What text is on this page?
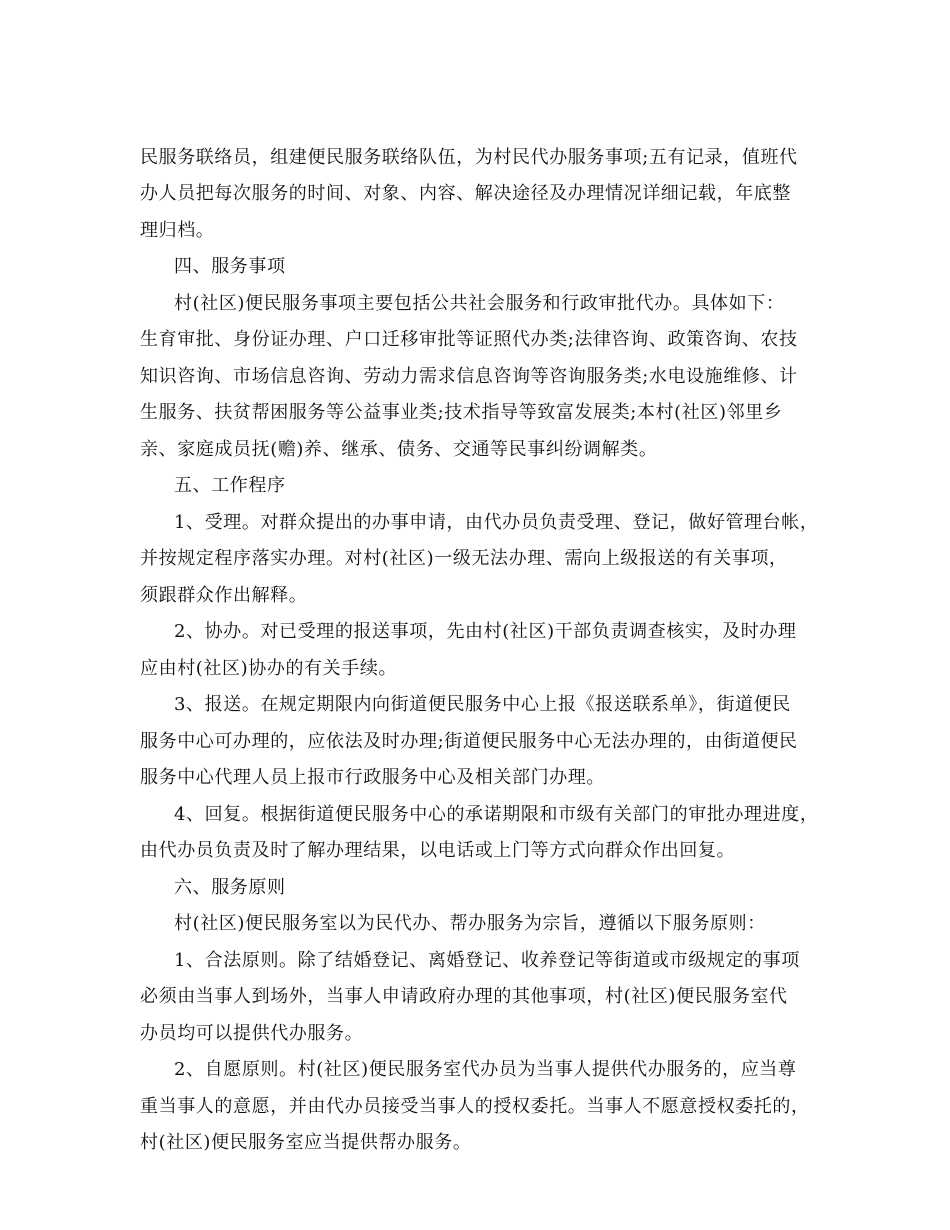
民服务联络员，组建便民服务联络队伍，为村民代办服务事项;五有记录，值班代
办人员把每次服务的时间、对象、内容、解决途径及办理情况详细记载，年底整
理归档。
四、服务事项
村(社区)便民服务事项主要包括公共社会服务和行政审批代办。具体如下：
生育审批、身份证办理、户口迁移审批等证照代办类;法律咨询、政策咨询、农技
知识咨询、市场信息咨询、劳动力需求信息咨询等咨询服务类;水电设施维修、计
生服务、扶贫帮困服务等公益事业类;技术指导等致富发展类;本村(社区)邻里乡
亲、家庭成员抚(赡)养、继承、债务、交通等民事纠纷调解类。
五、工作程序
1、受理。对群众提出的办事申请，由代办员负责受理、登记，做好管理台帐，
并按规定程序落实办理。对村(社区)一级无法办理、需向上级报送的有关事项，
须跟群众作出解释。
2、协办。对已受理的报送事项，先由村(社区)干部负责调查核实，及时办理
应由村(社区)协办的有关手续。
3、报送。在规定期限内向街道便民服务中心上报《报送联系单》，街道便民
服务中心可办理的，应依法及时办理;街道便民服务中心无法办理的，由街道便民
服务中心代理人员上报市行政服务中心及相关部门办理。
4、回复。根据街道便民服务中心的承诺期限和市级有关部门的审批办理进度，
由代办员负责及时了解办理结果，以电话或上门等方式向群众作出回复。
六、服务原则
村(社区)便民服务室以为民代办、帮办服务为宗旨，遵循以下服务原则：
1、合法原则。除了结婚登记、离婚登记、收养登记等街道或市级规定的事项
必须由当事人到场外，当事人申请政府办理的其他事项，村(社区)便民服务室代
办员均可以提供代办服务。
2、自愿原则。村(社区)便民服务室代办员为当事人提供代办服务的，应当尊
重当事人的意愿，并由代办员接受当事人的授权委托。当事人不愿意授权委托的，
村(社区)便民服务室应当提供帮办服务。
